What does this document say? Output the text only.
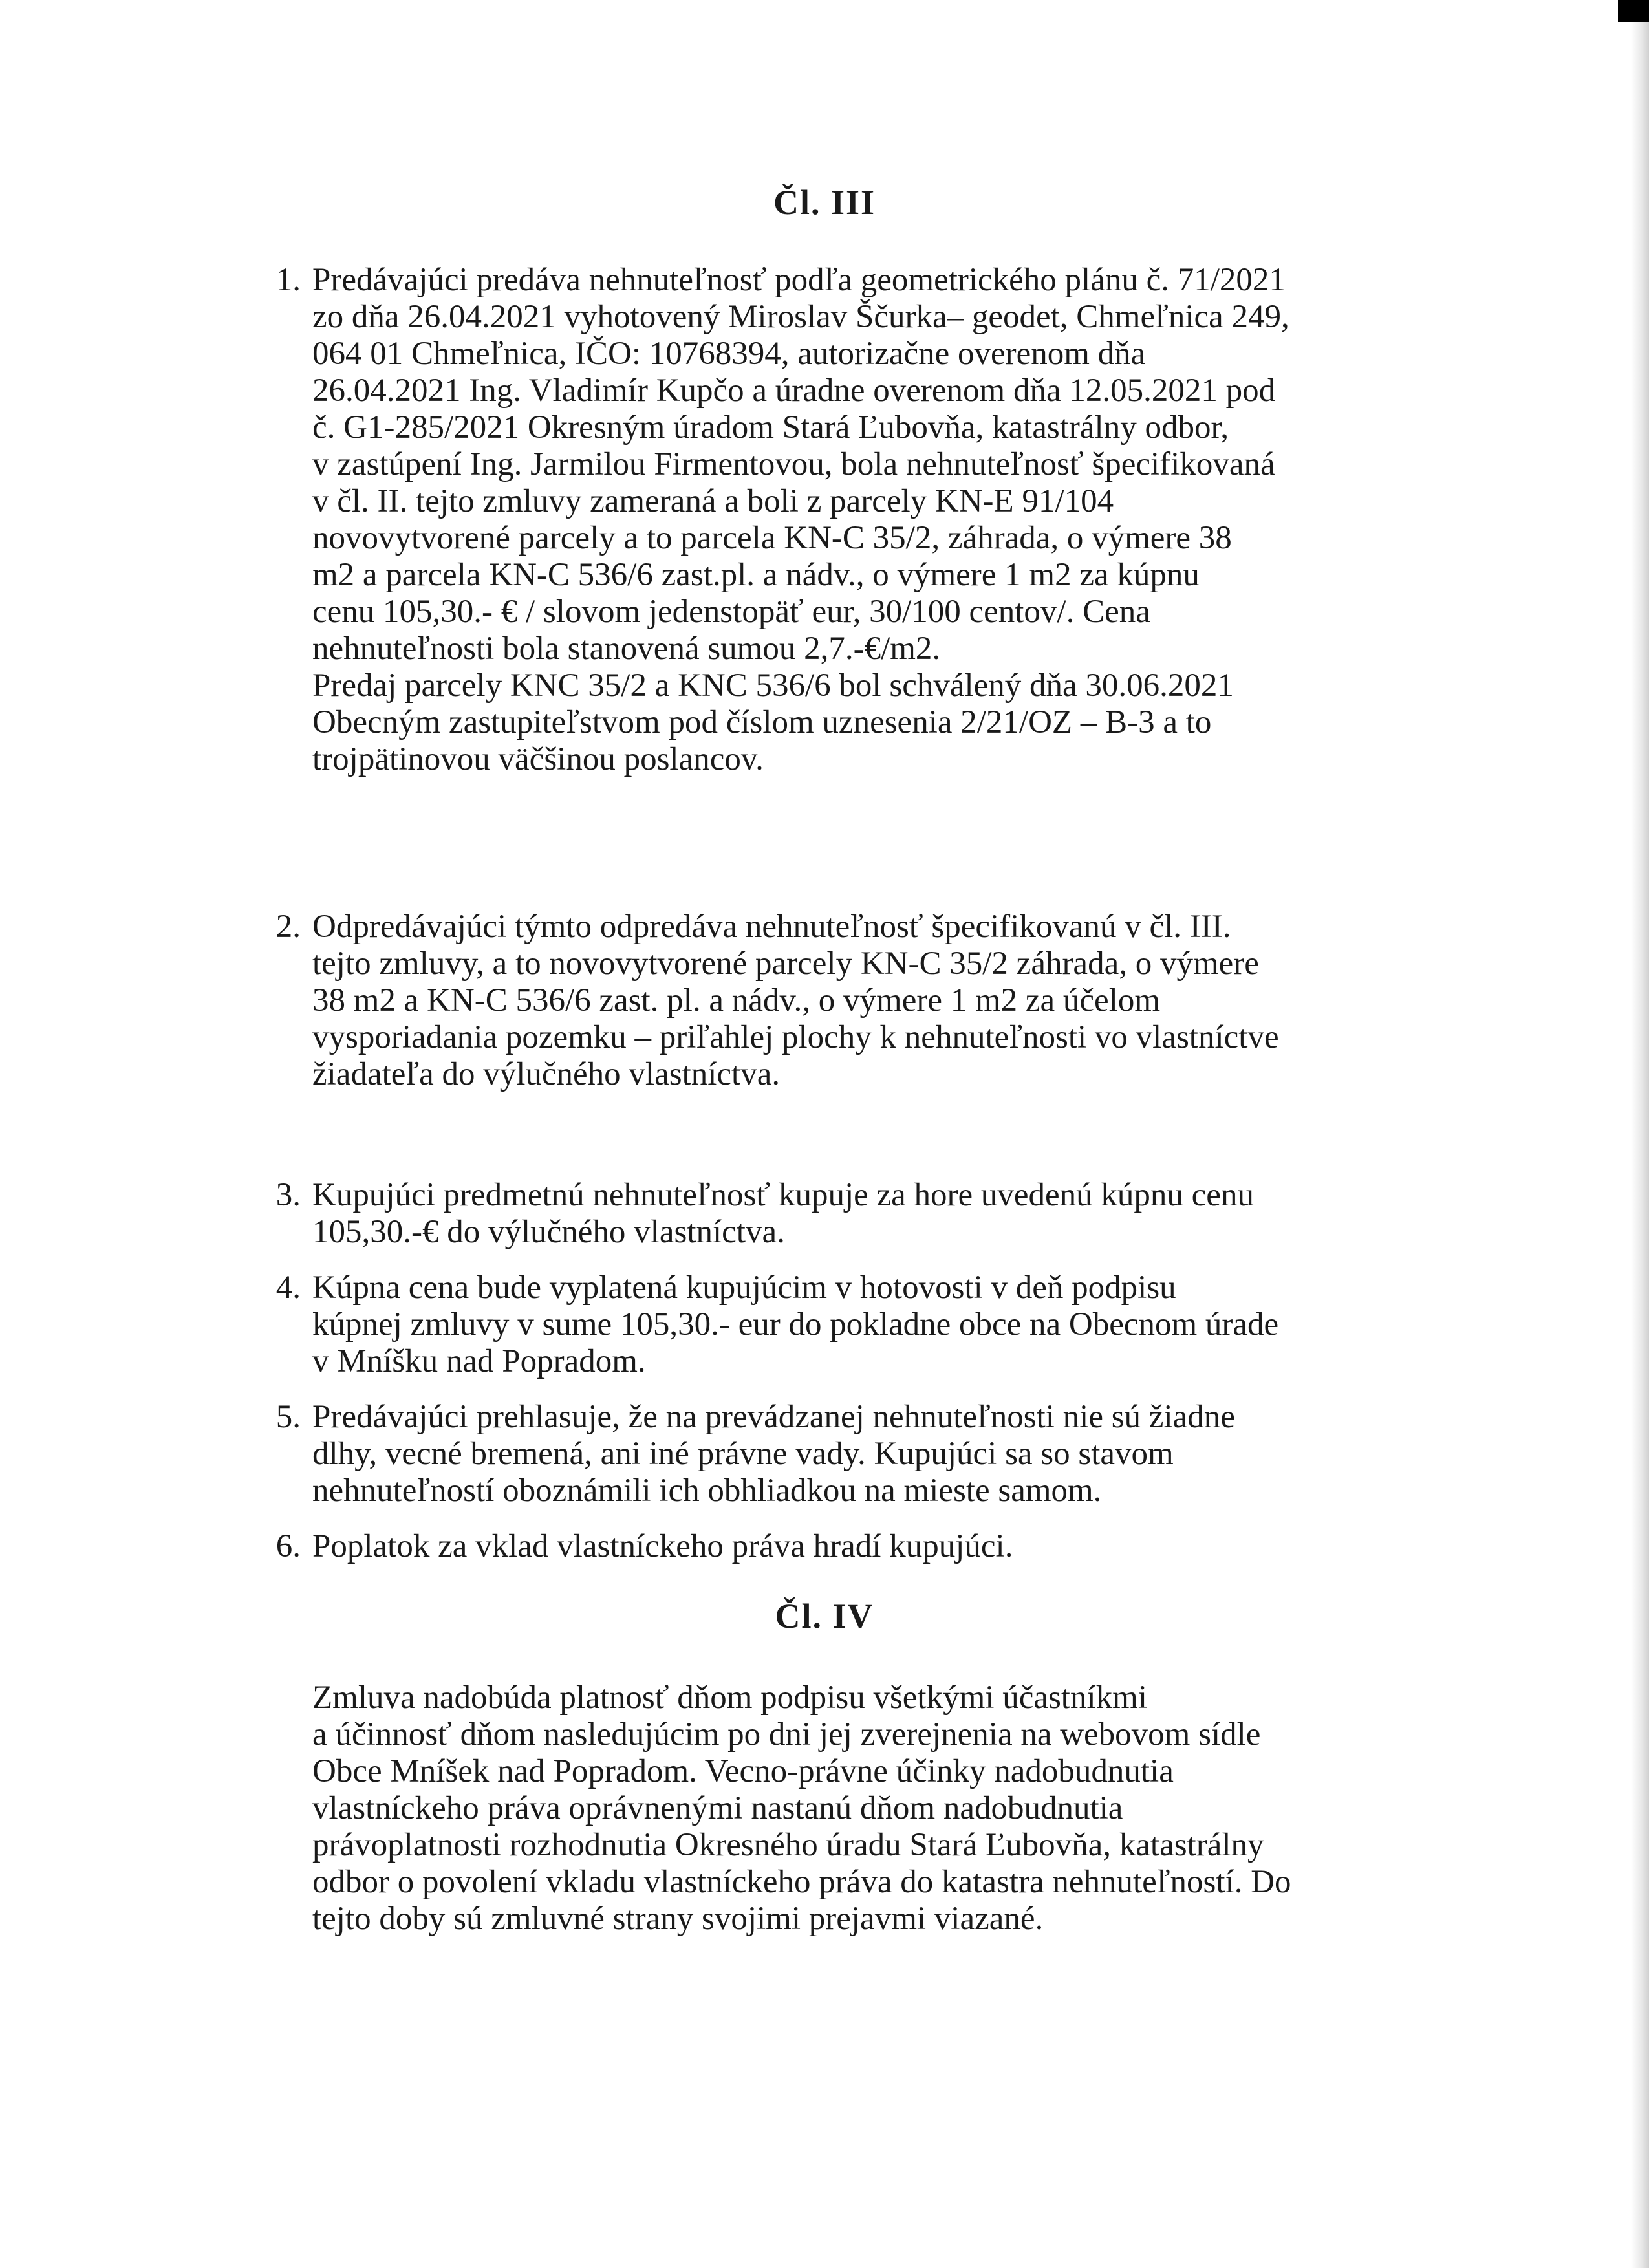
Čl. III
1. Predávajúci predáva nehnuteľnosť podľa geometrického plánu č. 71/2021
zo dňa 26.04.2021 vyhotovený Miroslav Ščurka– geodet, Chmeľnica 249,
064 01 Chmeľnica, IČO: 10768394, autorizačne overenom dňa
26.04.2021 Ing. Vladimír Kupčo a úradne overenom dňa 12.05.2021 pod
č. G1-285/2021 Okresným úradom Stará Ľubovňa, katastrálny odbor,
v zastúpení Ing. Jarmilou Firmentovou, bola nehnuteľnosť špecifikovaná
v čl. II. tejto zmluvy zameraná a boli z parcely KN-E 91/104
novovytvorené parcely a to parcela KN-C 35/2, záhrada, o výmere 38
m2 a parcela KN-C 536/6 zast.pl. a nádv., o výmere 1 m2 za kúpnu
cenu 105,30.- € / slovom jedenstopäť eur, 30/100 centov/. Cena
nehnuteľnosti bola stanovená sumou 2,7.-€/m2.
Predaj parcely KNC 35/2 a KNC 536/6 bol schválený dňa 30.06.2021
Obecným zastupiteľstvom pod číslom uznesenia 2/21/OZ – B-3 a to
trojpätinovou väčšinou poslancov.
2. Odpredávajúci týmto odpredáva nehnuteľnosť špecifikovanú v čl. III.
tejto zmluvy, a to novovytvorené parcely KN-C 35/2 záhrada, o výmere
38 m2 a KN-C 536/6 zast. pl. a nádv., o výmere 1 m2 za účelom
vysporiadania pozemku – priľahlej plochy k nehnuteľnosti vo vlastníctve
žiadateľa do výlučného vlastníctva.
3. Kupujúci predmetnú nehnuteľnosť kupuje za hore uvedenú kúpnu cenu
105,30.-€ do výlučného vlastníctva.
4. Kúpna cena bude vyplatená kupujúcim v hotovosti v deň podpisu
kúpnej zmluvy v sume 105,30.- eur do pokladne obce na Obecnom úrade
v Mníšku nad Popradom.
5. Predávajúci prehlasuje, že na prevádzanej nehnuteľnosti nie sú žiadne
dlhy, vecné bremená, ani iné právne vady. Kupujúci sa so stavom
nehnuteľností oboznámili ich obhliadkou na mieste samom.
6. Poplatok za vklad vlastníckeho práva hradí kupujúci.
Čl. IV
Zmluva nadobúda platnosť dňom podpisu všetkými účastníkmi
a účinnosť dňom nasledujúcim po dni jej zverejnenia na webovom sídle
Obce Mníšek nad Popradom. Vecno-právne účinky nadobudnutia
vlastníckeho práva oprávnenými nastanú dňom nadobudnutia
právoplatnosti rozhodnutia Okresného úradu Stará Ľubovňa, katastrálny
odbor o povolení vkladu vlastníckeho práva do katastra nehnuteľností. Do
tejto doby sú zmluvné strany svojimi prejavmi viazané.
